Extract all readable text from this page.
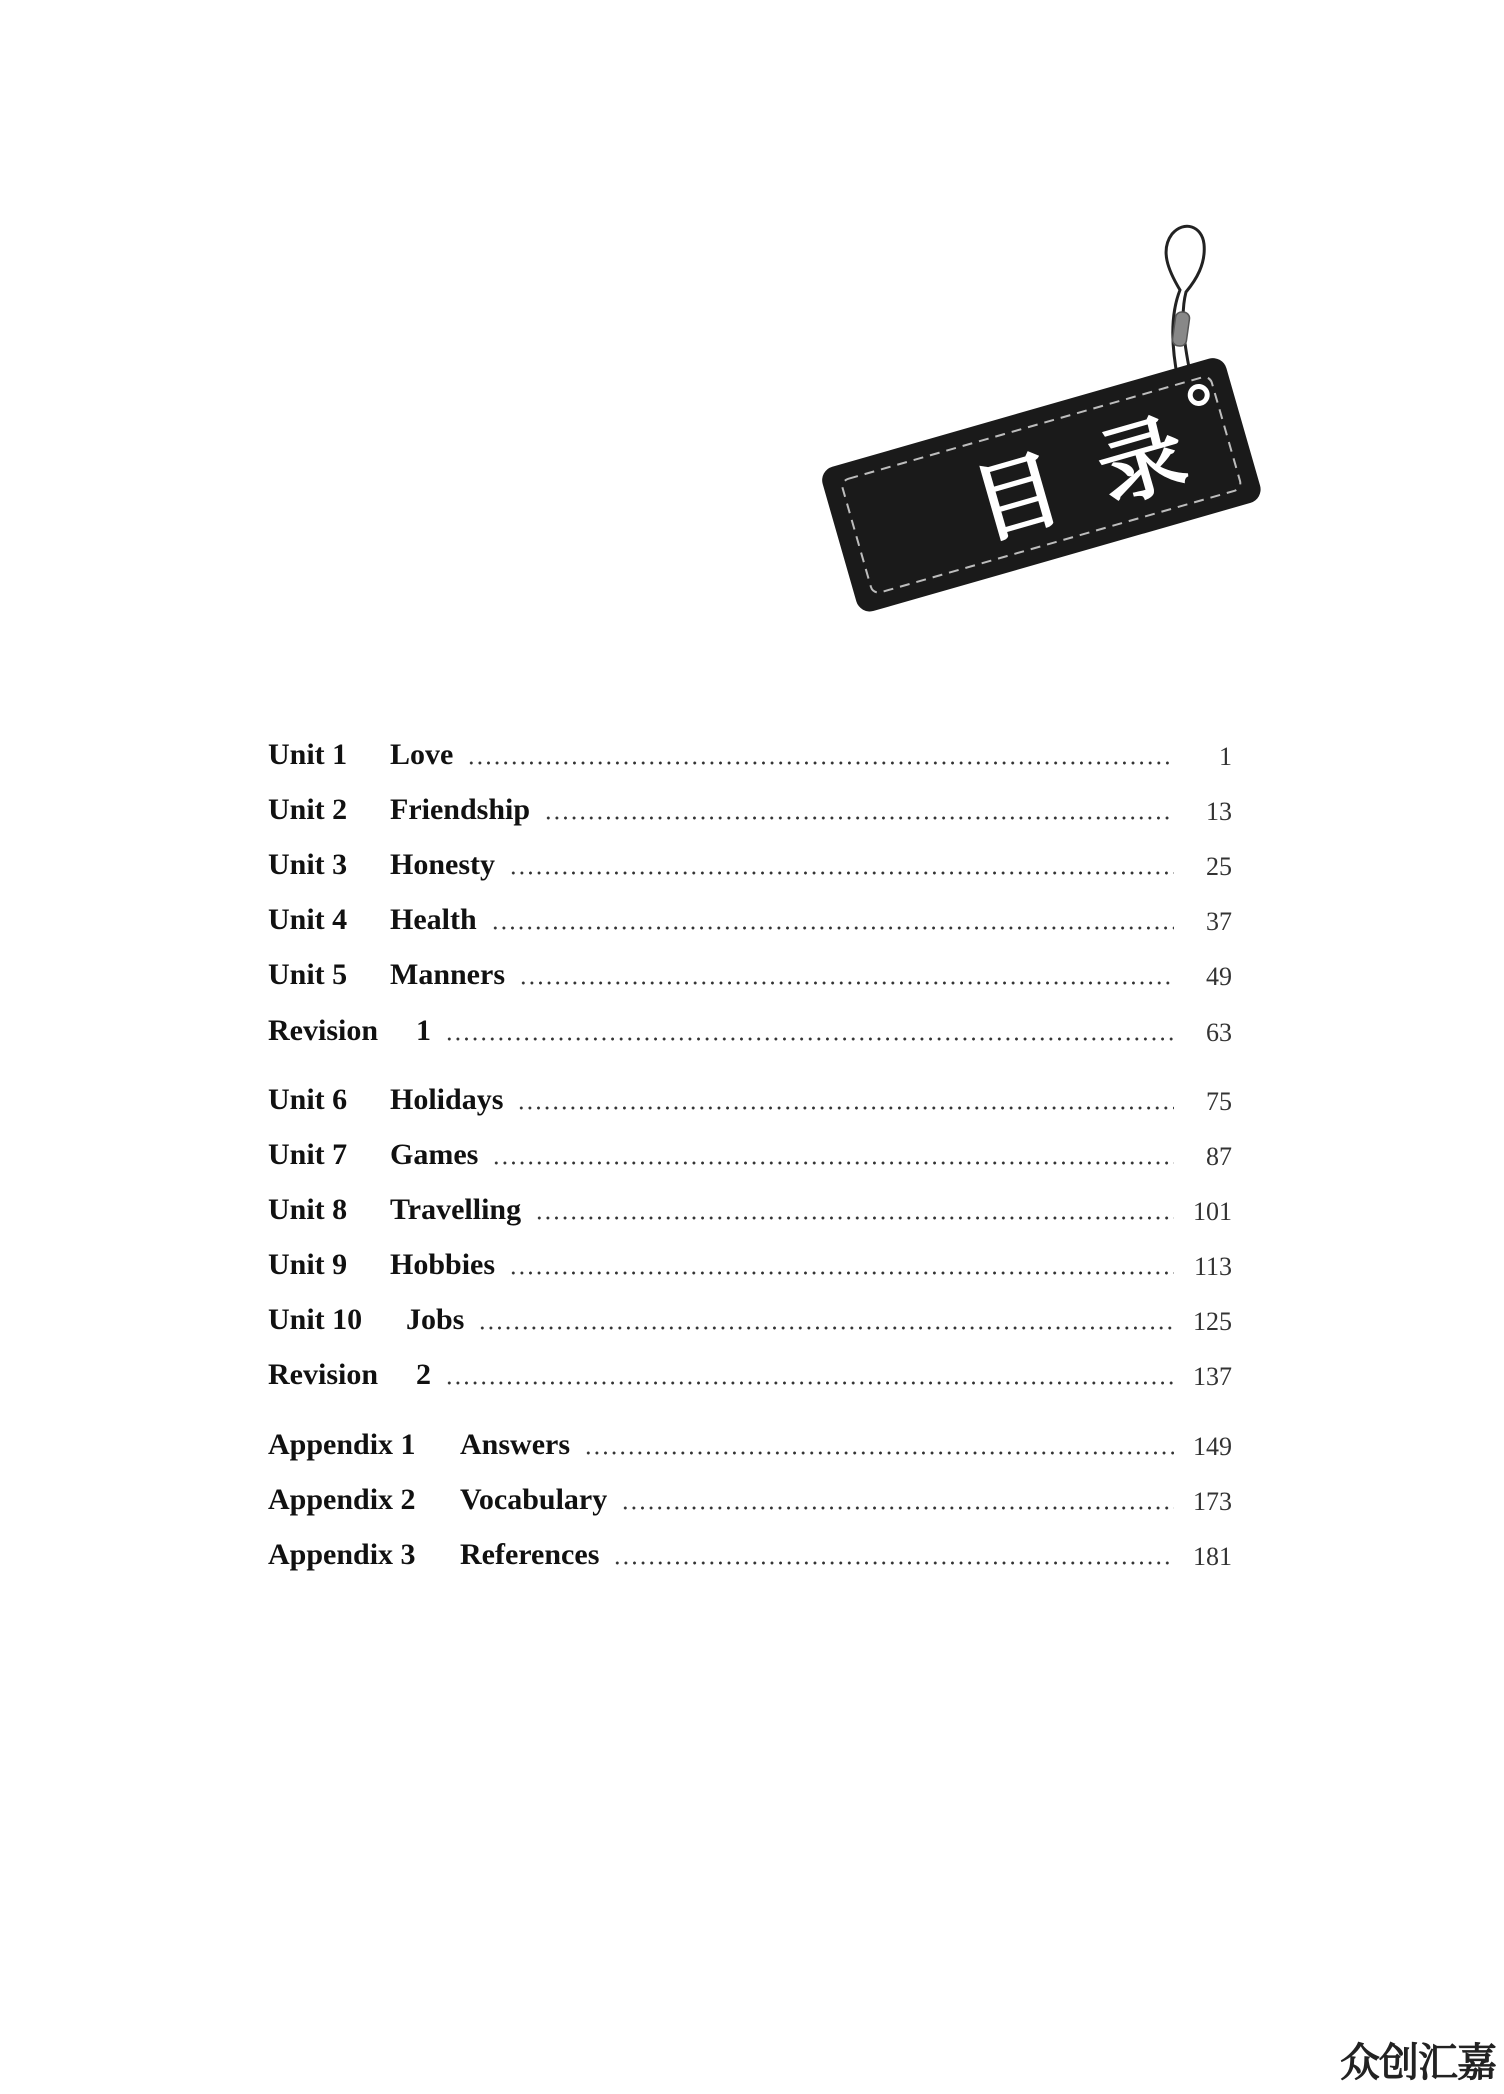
目录
Unit 1 Love	1
Unit 2 Friendship	13
Unit 3 Honesty	25
Unit 4 Health	37
Unit 5 Manners	49
Revision 1	63
Unit 6 Holidays	75
Unit 7 Games	87
Unit 8 Travelling	101
Unit 9 Hobbies	113
Unit 10 Jobs	125
Revision 2	137
Appendix 1 Answers	149
Appendix 2 Vocabulary	173
Appendix 3 References	181
众创汇嘉
